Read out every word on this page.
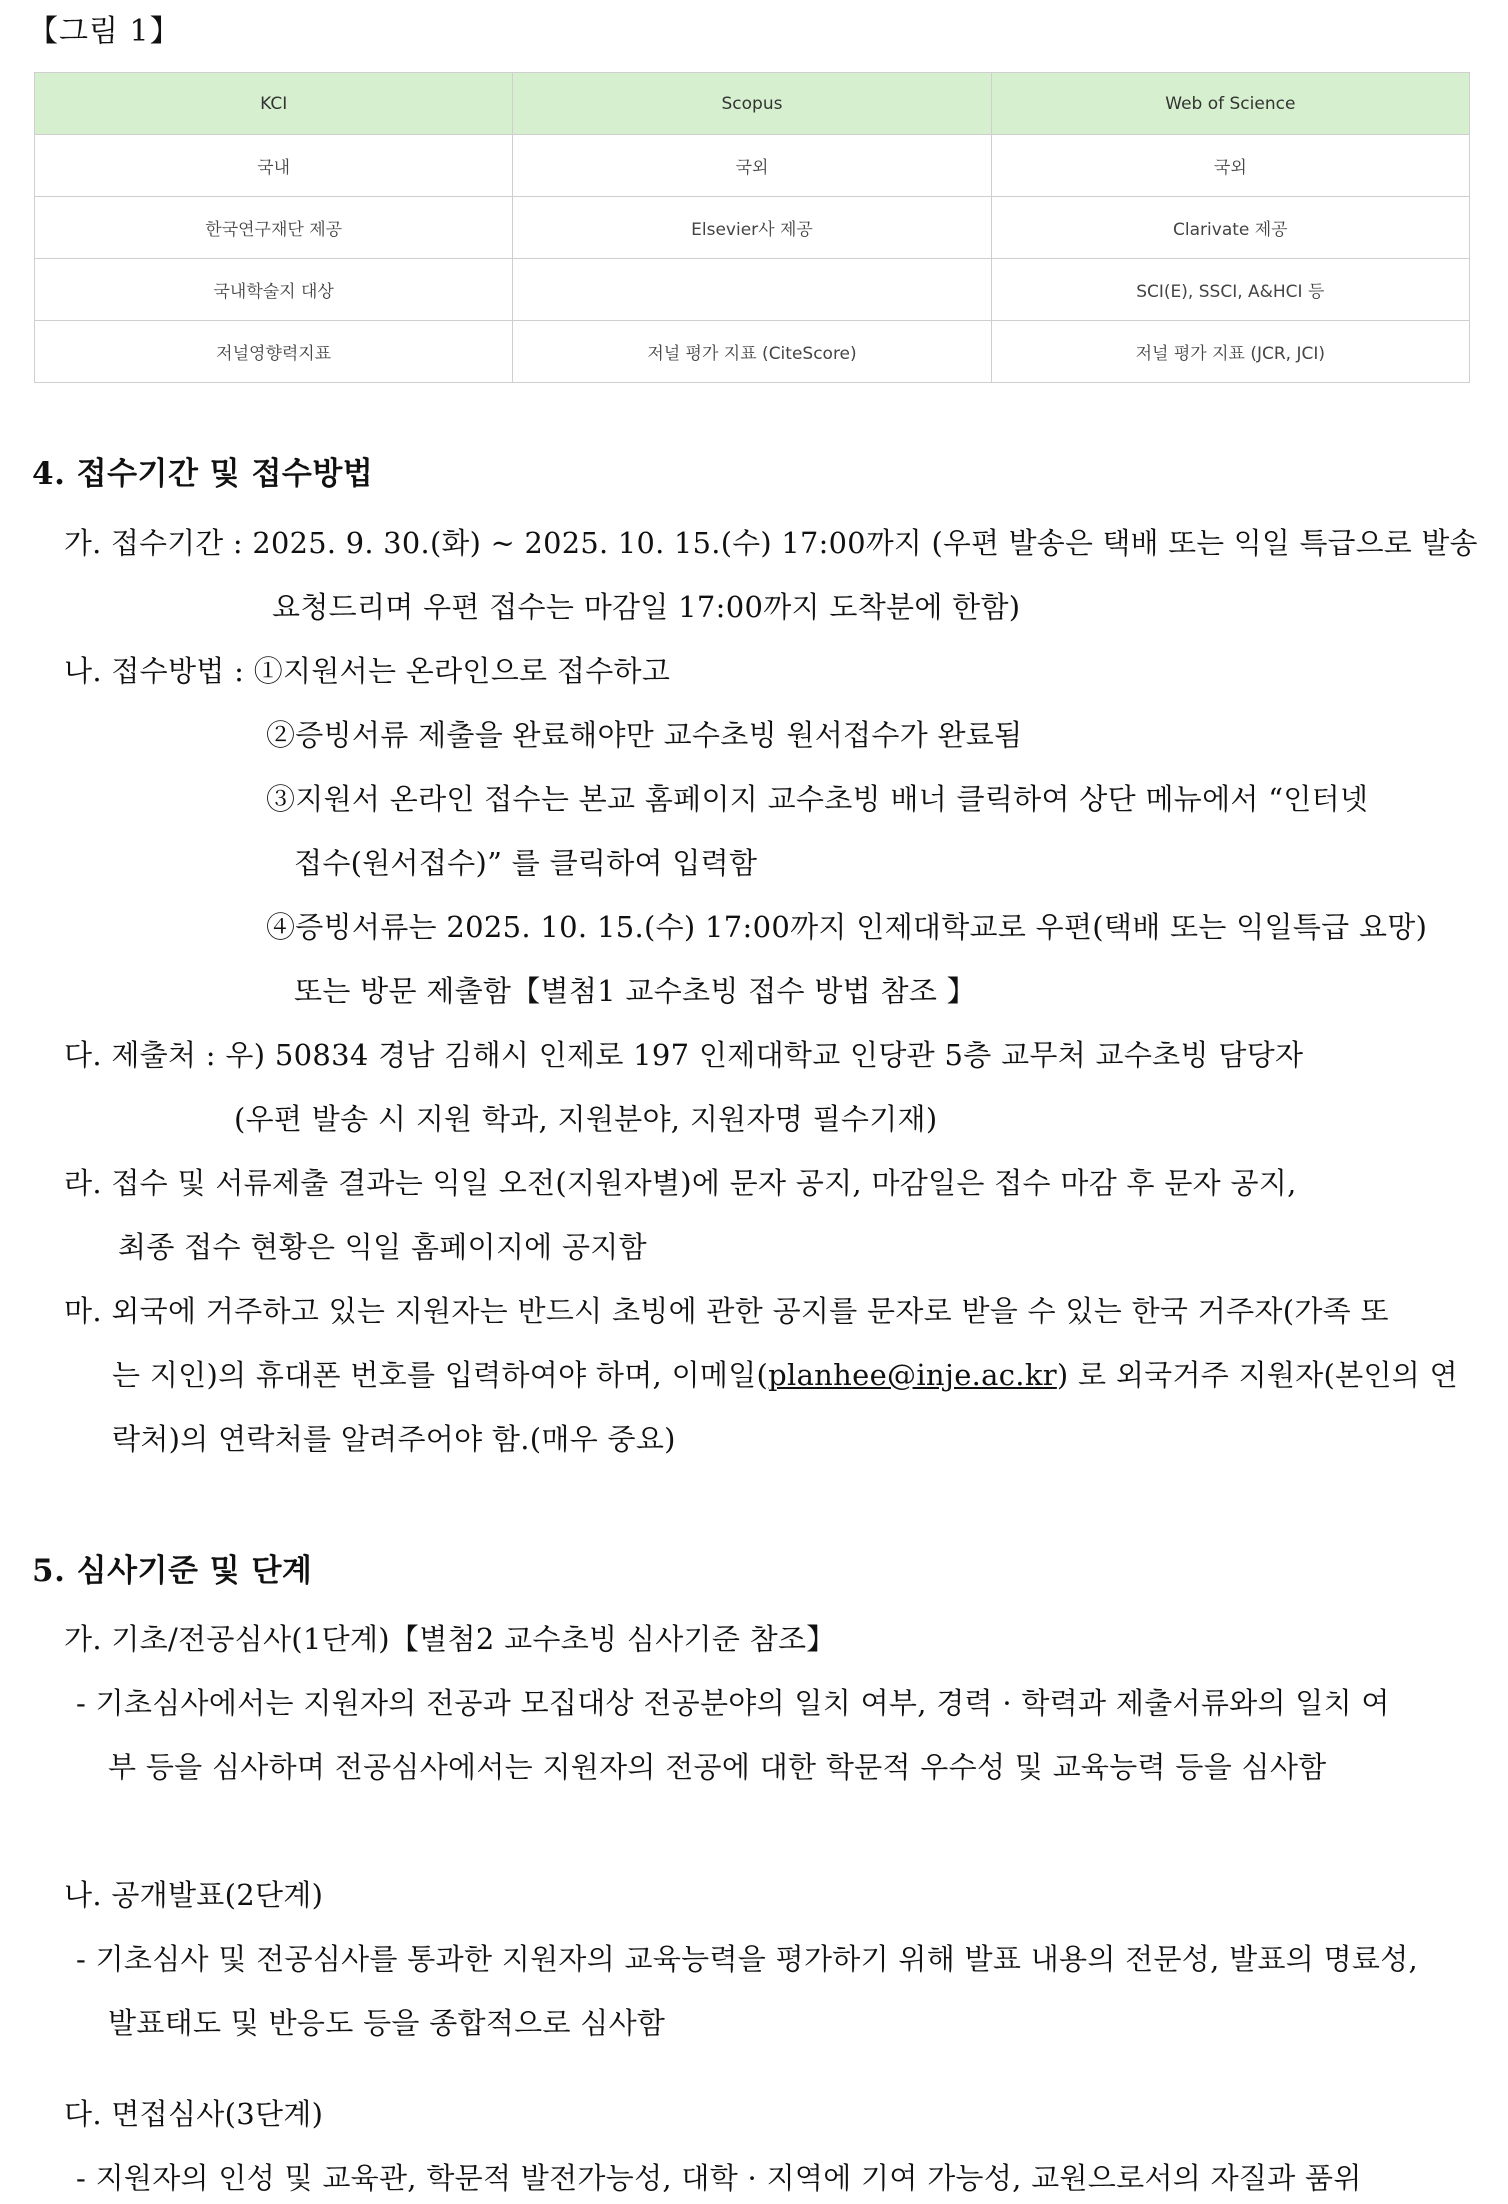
【그림 1】
KCI	Scopus	Web of Science
국내	국외	국외
한국연구재단 제공	Elsevier사 제공	Clarivate 제공
국내학술지 대상		SCI(E), SSCI, A&HCI 등
저널영향력지표	저널 평가 지표 (CiteScore)	저널 평가 지표 (JCR, JCI)
4. 접수기간 및 접수방법
가. 접수기간 : 2025. 9. 30.(화) ~ 2025. 10. 15.(수) 17:00까지 (우편 발송은 택배 또는 익일 특급으로 발송
요청드리며 우편 접수는 마감일 17:00까지 도착분에 한함)
나. 접수방법 : ①지원서는 온라인으로 접수하고
②증빙서류 제출을 완료해야만 교수초빙 원서접수가 완료됨
③지원서 온라인 접수는 본교 홈페이지 교수초빙 배너 클릭하여 상단 메뉴에서 “인터넷
접수(원서접수)” 를 클릭하여 입력함
④증빙서류는 2025. 10. 15.(수) 17:00까지 인제대학교로 우편(택배 또는 익일특급 요망)
또는 방문 제출함【별첨1 교수초빙 접수 방법 참조 】
다. 제출처 : 우) 50834 경남 김해시 인제로 197 인제대학교 인당관 5층 교무처 교수초빙 담당자
(우편 발송 시 지원 학과, 지원분야, 지원자명 필수기재)
라. 접수 및 서류제출 결과는 익일 오전(지원자별)에 문자 공지, 마감일은 접수 마감 후 문자 공지,
최종 접수 현황은 익일 홈페이지에 공지함
마. 외국에 거주하고 있는 지원자는 반드시 초빙에 관한 공지를 문자로 받을 수 있는 한국 거주자(가족 또
는 지인)의 휴대폰 번호를 입력하여야 하며, 이메일(planhee@inje.ac.kr) 로 외국거주 지원자(본인의 연
락처)의 연락처를 알려주어야 함.(매우 중요)
5. 심사기준 및 단계
가. 기초/전공심사(1단계)【별첨2 교수초빙 심사기준 참조】
- 기초심사에서는 지원자의 전공과 모집대상 전공분야의 일치 여부, 경력 · 학력과 제출서류와의 일치 여
부 등을 심사하며 전공심사에서는 지원자의 전공에 대한 학문적 우수성 및 교육능력 등을 심사함
나. 공개발표(2단계)
- 기초심사 및 전공심사를 통과한 지원자의 교육능력을 평가하기 위해 발표 내용의 전문성, 발표의 명료성,
발표태도 및 반응도 등을 종합적으로 심사함
다. 면접심사(3단계)
- 지원자의 인성 및 교육관, 학문적 발전가능성, 대학 · 지역에 기여 가능성, 교원으로서의 자질과 품위
